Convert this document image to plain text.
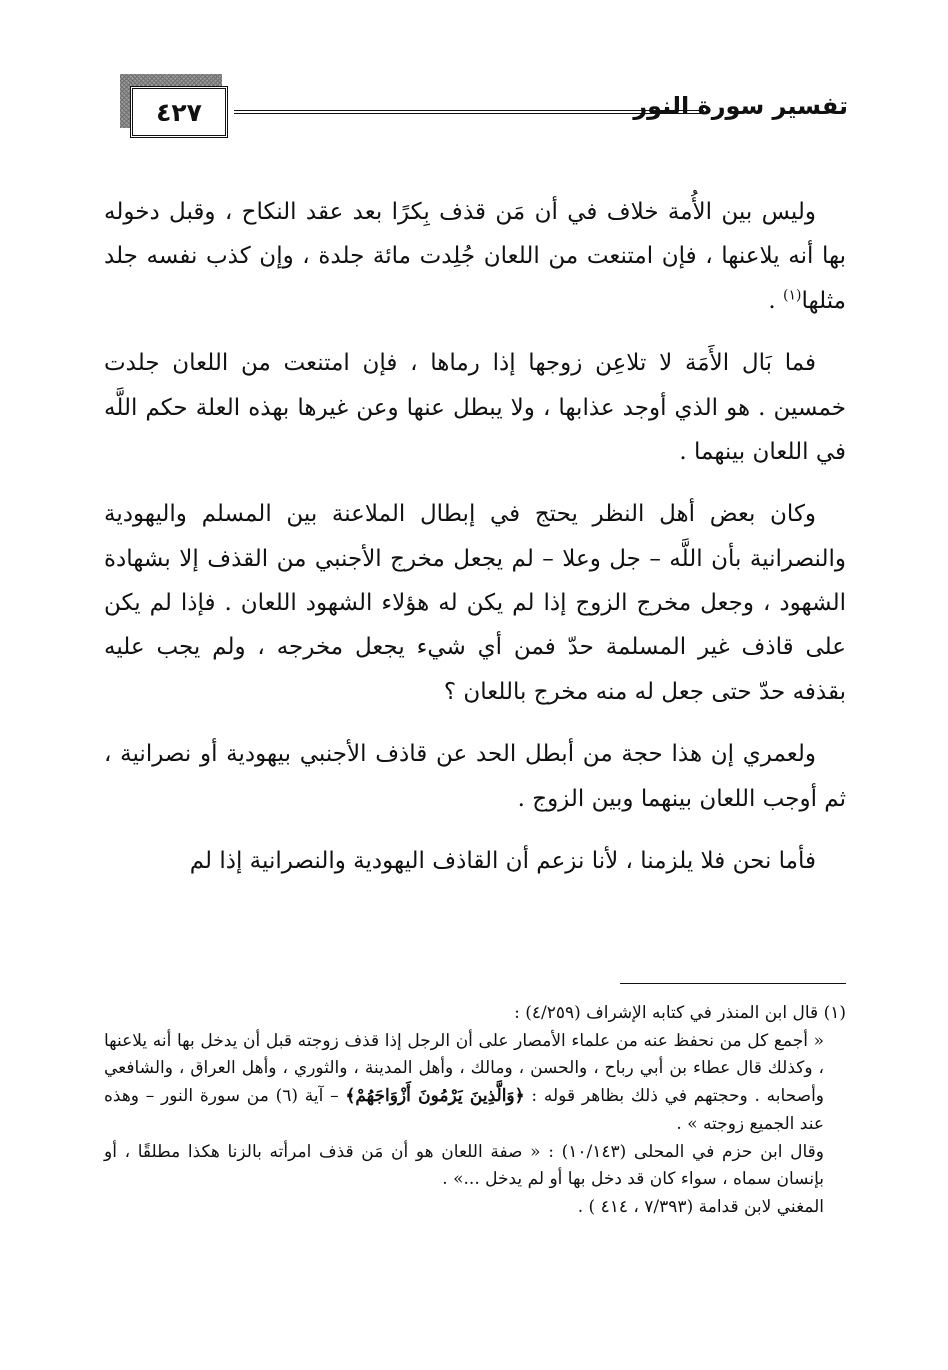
٤٢٧	تفسير سورة النور

وليس بين الأُمة خلاف في أن مَن قذف بِكرًا بعد عقد النكاح ، وقبل دخوله بها أنه يلاعنها ، فإن امتنعت من اللعان جُلِدت مائة جلدة ، وإن كذب نفسه جلد مثلها$^{(١)}$ .

فما بَال الأَمَة لا تلاعِن زوجها إذا رماها ، فإن امتنعت من اللعان جلدت خمسين . هو الذي أوجد عذابها ، ولا يبطل عنها وعن غيرها بهذه العلة حكم اللَّه في اللعان بينهما .

وكان بعض أهل النظر يحتج في إبطال الملاعنة بين المسلم واليهودية والنصرانية بأن اللَّه – جل وعلا – لم يجعل مخرج الأجنبي من القذف إلا بشهادة الشهود ، وجعل مخرج الزوج إذا لم يكن له هؤلاء الشهود اللعان . فإذا لم يكن على قاذف غير المسلمة حدّ فمن أي شيء يجعل مخرجه ، ولم يجب عليه بقذفه حدّ حتى جعل له منه مخرج باللعان ؟

ولعمري إن هذا حجة من أبطل الحد عن قاذف الأجنبي بيهودية أو نصرانية ، ثم أوجب اللعان بينهما وبين الزوج .

فأما نحن فلا يلزمنا ، لأنا نزعم أن القاذف اليهودية والنصرانية إذا لم

(١) قال ابن المنذر في كتابه الإشراف (٤/٢٥٩) :

« أجمع كل من نحفظ عنه من علماء الأمصار على أن الرجل إذا قذف زوجته قبل أن يدخل بها أنه يلاعنها ، وكذلك قال عطاء بن أبي رباح ، والحسن ، ومالك ، وأهل المدينة ، والثوري ، وأهل العراق ، والشافعي وأصحابه . وحجتهم في ذلك بظاهر قوله : ﴿وَالَّذِينَ يَرْمُونَ أَزْوَاجَهُمْ﴾ – آية (٦) من سورة النور – وهذه عند الجميع زوجته » .

وقال ابن حزم في المحلى (١٠/١٤٣) : « صفة اللعان هو أن مَن قذف امرأته بالزنا هكذا مطلقًا ، أو بإنسان سماه ، سواء كان قد دخل بها أو لم يدخل ...» .

المغني لابن قدامة (٧/٣٩٣ ، ٤١٤ ) .
